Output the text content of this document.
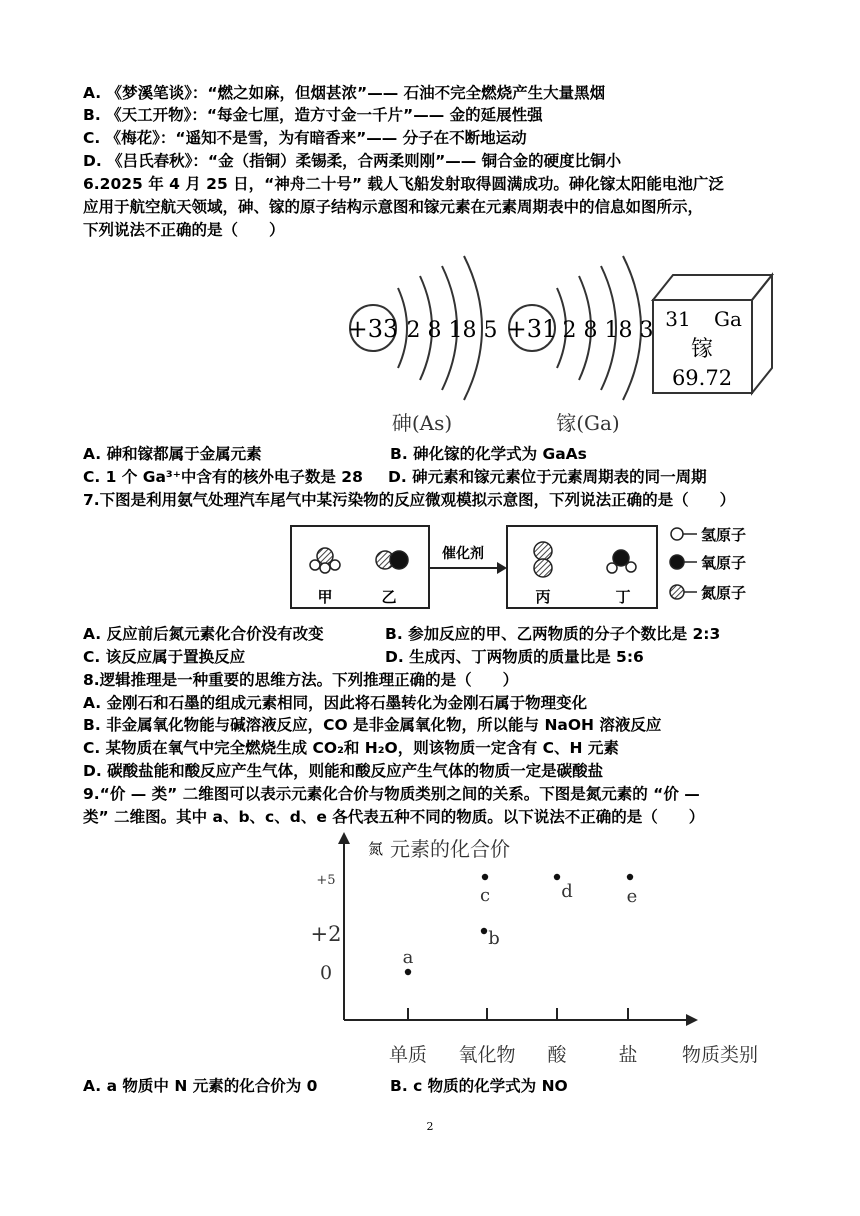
A. 《梦溪笔谈》：“燃之如麻，但烟甚浓”—— 石油不完全燃烧产生大量黑烟
B. 《天工开物》：“每金七厘，造方寸金一千片”—— 金的延展性强
C. 《梅花》：“遥知不是雪，为有暗香来”—— 分子在不断地运动
D. 《吕氏春秋》：“金（指铜）柔锡柔，合两柔则刚”—— 铜合金的硬度比铜小
6.2025 年 4 月 25 日，“神舟二十号” 载人飞船发射取得圆满成功。砷化镓太阳能电池广泛
应用于航空航天领域，砷、镓的原子结构示意图和镓元素在元素周期表中的信息如图所示，
下列说法不正确的是（　　）
+33 2 8 18 5
砷(As)
+31 2 8 18 3
镓(Ga)
31 Ga
镓
69.72
A. 砷和镓都属于金属元素	B. 砷化镓的化学式为 GaAs
C. 1 个 Ga³⁺中含有的核外电子数是 28 D. 砷元素和镓元素位于元素周期表的同一周期
7.下图是利用氨气处理汽车尾气中某污染物的反应微观模拟示意图，下列说法正确的是（　　）
催化剂
甲	乙	丙	丁
氢原子
氧原子
氮原子
A. 反应前后氮元素化合价没有改变	B. 参加反应的甲、乙两物质的分子个数比是 2:3
C. 该反应属于置换反应	D. 生成丙、丁两物质的质量比是 5:6
8.逻辑推理是一种重要的思维方法。下列推理正确的是（　　）
A. 金刚石和石墨的组成元素相同，因此将石墨转化为金刚石属于物理变化
B. 非金属氧化物能与碱溶液反应，CO 是非金属氧化物，所以能与 NaOH 溶液反应
C. 某物质在氧气中完全燃烧生成 CO₂和 H₂O，则该物质一定含有 C、H 元素
D. 碳酸盐能和酸反应产生气体，则能和酸反应产生气体的物质一定是碳酸盐
9.“价 — 类” 二维图可以表示元素化合价与物质类别之间的关系。下图是氮元素的 “价 —
类” 二维图。其中 a、b、c、d、e 各代表五种不同的物质。以下说法不正确的是（　　）
氮 元素的化合价
物质类别
单质 氧化物 酸	盐
0
+2
+5
a
b
c	d	e
A. a 物质中 N 元素的化合价为 0	B. c 物质的化学式为 NO
2
